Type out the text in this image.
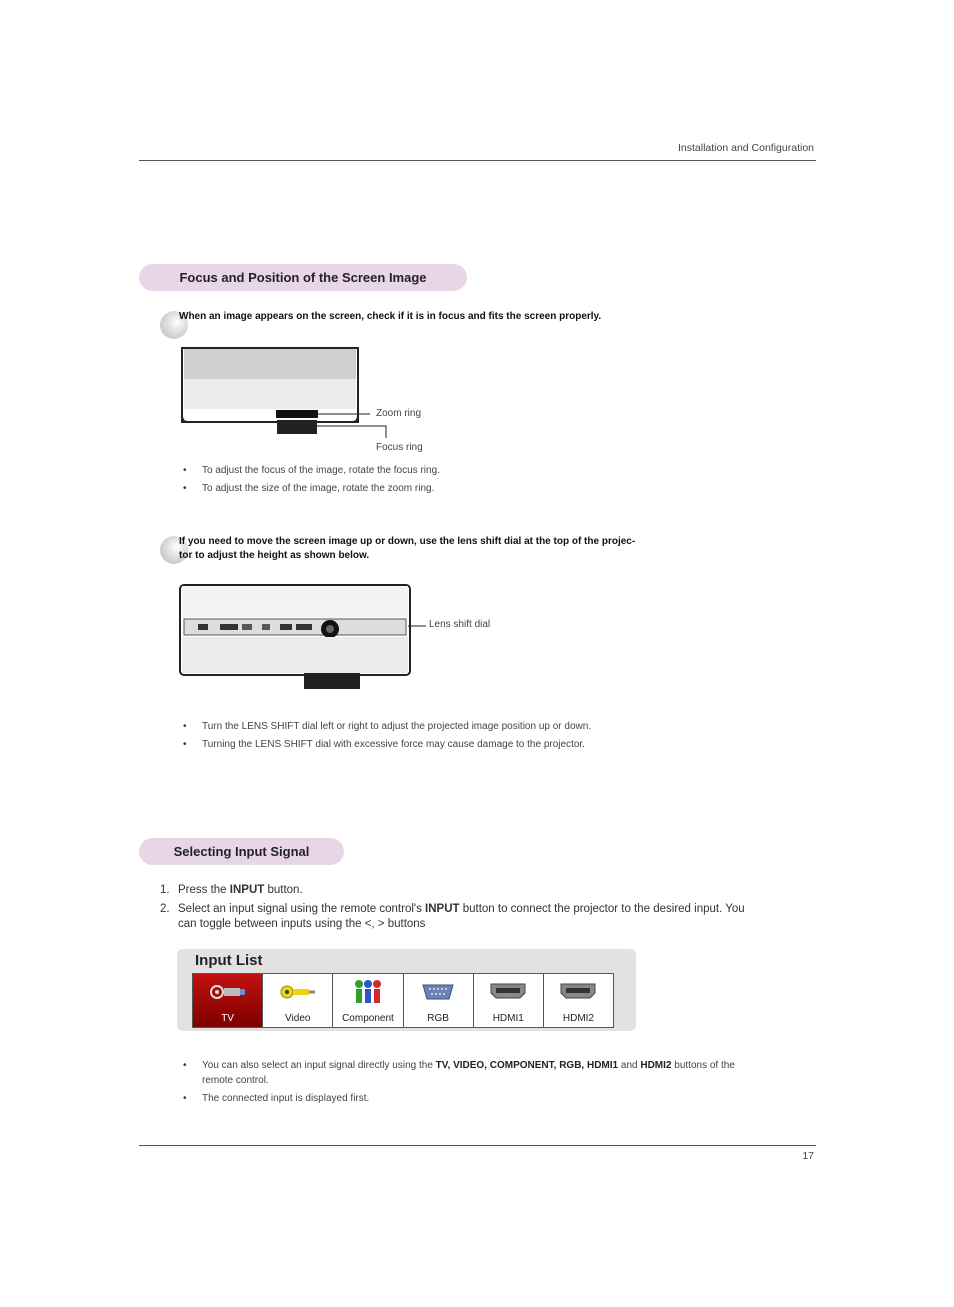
Installation and Configuration
Focus and Position of the Screen Image
When an image appears on the screen, check if it is in focus and fits the screen properly.
Zoom ring
Focus ring
• To adjust the focus of the image, rotate the focus ring.
• To adjust the size of the image, rotate the zoom ring.
If you need to move the screen image up or down, use the lens shift dial at the top of the projec-
tor to adjust the height as shown below.
Lens shift dial
• Turn the LENS SHIFT dial left or right to adjust the projected image position up or down.
• Turning the LENS SHIFT dial with excessive force may cause damage to the projector.
Selecting Input Signal
1. Press the INPUT button.
2. Select an input signal using the remote control's INPUT button to connect the projector to the desired input. You can toggle between inputs using the <, > buttons
Input List
TV	Video	Component	RGB	HDMI1	HDMI2
• You can also select an input signal directly using the TV, VIDEO, COMPONENT, RGB, HDMI1 and HDMI2 buttons of the remote control.
• The connected input is displayed first.
17
